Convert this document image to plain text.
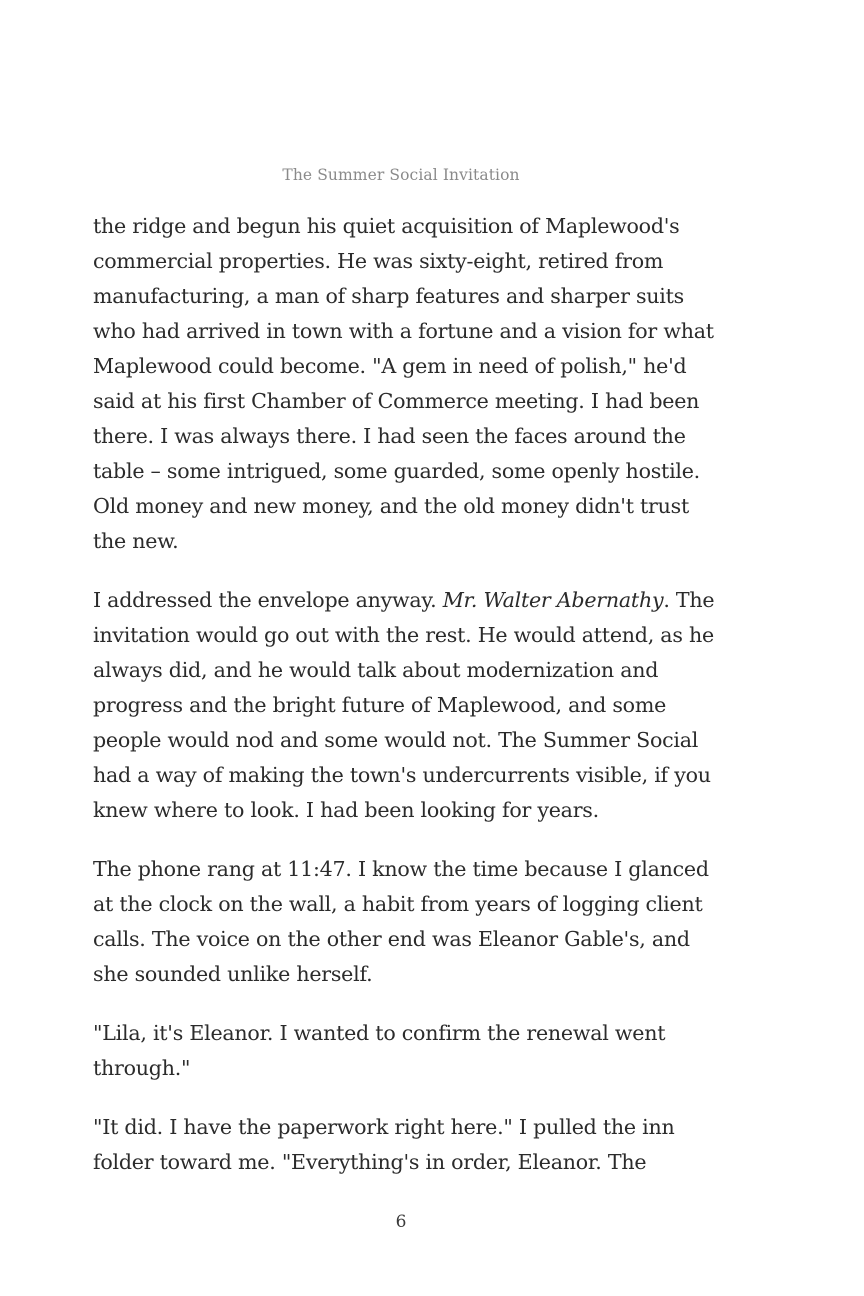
The Summer Social Invitation

the ridge and begun his quiet acquisition of Maplewood's
commercial properties. He was sixty-eight, retired from
manufacturing, a man of sharp features and sharper suits
who had arrived in town with a fortune and a vision for what
Maplewood could become. "A gem in need of polish," he'd
said at his first Chamber of Commerce meeting. I had been
there. I was always there. I had seen the faces around the
table – some intrigued, some guarded, some openly hostile.
Old money and new money, and the old money didn't trust
the new.

I addressed the envelope anyway. Mr. Walter Abernathy. The
invitation would go out with the rest. He would attend, as he
always did, and he would talk about modernization and
progress and the bright future of Maplewood, and some
people would nod and some would not. The Summer Social
had a way of making the town's undercurrents visible, if you
knew where to look. I had been looking for years.

The phone rang at 11:47. I know the time because I glanced
at the clock on the wall, a habit from years of logging client
calls. The voice on the other end was Eleanor Gable's, and
she sounded unlike herself.

"Lila, it's Eleanor. I wanted to confirm the renewal went
through."

"It did. I have the paperwork right here." I pulled the inn
folder toward me. "Everything's in order, Eleanor. The

6
